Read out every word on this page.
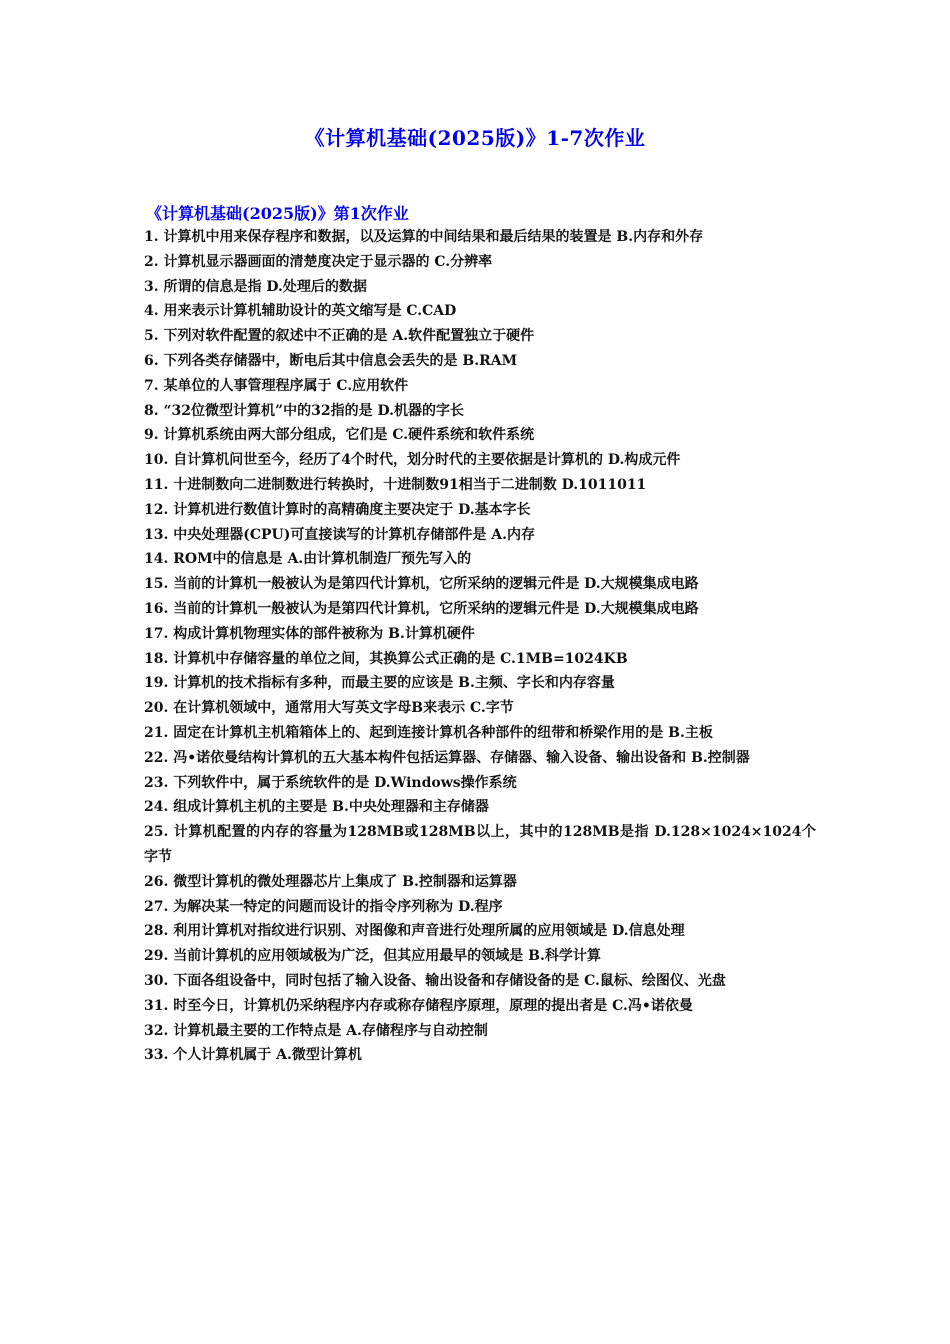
《计算机基础(2025版)》1-7次作业
《计算机基础(2025版)》第1次作业
1. 计算机中用来保存程序和数据，以及运算的中间结果和最后结果的装置是 B.内存和外存
2. 计算机显示器画面的清楚度决定于显示器的 C.分辨率
3. 所谓的信息是指 D.处理后的数据
4. 用来表示计算机辅助设计的英文缩写是 C.CAD
5. 下列对软件配置的叙述中不正确的是 A.软件配置独立于硬件
6. 下列各类存储器中，断电后其中信息会丢失的是 B.RAM
7. 某单位的人事管理程序属于 C.应用软件
8. “32位微型计算机”中的32指的是 D.机器的字长
9. 计算机系统由两大部分组成，它们是 C.硬件系统和软件系统
10. 自计算机问世至今，经历了4个时代，划分时代的主要依据是计算机的 D.构成元件
11. 十进制数向二进制数进行转换时，十进制数91相当于二进制数 D.1011011
12. 计算机进行数值计算时的高精确度主要决定于 D.基本字长
13. 中央处理器(CPU)可直接读写的计算机存储部件是 A.内存
14. ROM中的信息是 A.由计算机制造厂预先写入的
15. 当前的计算机一般被认为是第四代计算机，它所采纳的逻辑元件是 D.大规模集成电路
16. 当前的计算机一般被认为是第四代计算机，它所采纳的逻辑元件是 D.大规模集成电路
17. 构成计算机物理实体的部件被称为 B.计算机硬件
18. 计算机中存储容量的单位之间，其换算公式正确的是 C.1MB=1024KB
19. 计算机的技术指标有多种，而最主要的应该是 B.主频、字长和内存容量
20. 在计算机领域中，通常用大写英文字母B来表示 C.字节
21. 固定在计算机主机箱箱体上的、起到连接计算机各种部件的纽带和桥梁作用的是 B.主板
22. 冯•诺依曼结构计算机的五大基本构件包括运算器、存储器、输入设备、输出设备和 B.控制器
23. 下列软件中，属于系统软件的是 D.Windows操作系统
24. 组成计算机主机的主要是 B.中央处理器和主存储器
25. 计算机配置的内存的容量为128MB或128MB以上，其中的128MB是指 D.128×1024×1024个字节
26. 微型计算机的微处理器芯片上集成了 B.控制器和运算器
27. 为解决某一特定的问题而设计的指令序列称为 D.程序
28. 利用计算机对指纹进行识别、对图像和声音进行处理所属的应用领域是 D.信息处理
29. 当前计算机的应用领域极为广泛，但其应用最早的领域是 B.科学计算
30. 下面各组设备中，同时包括了输入设备、输出设备和存储设备的是 C.鼠标、绘图仪、光盘
31. 时至今日，计算机仍采纳程序内存或称存储程序原理，原理的提出者是 C.冯•诺依曼
32. 计算机最主要的工作特点是 A.存储程序与自动控制
33. 个人计算机属于 A.微型计算机
